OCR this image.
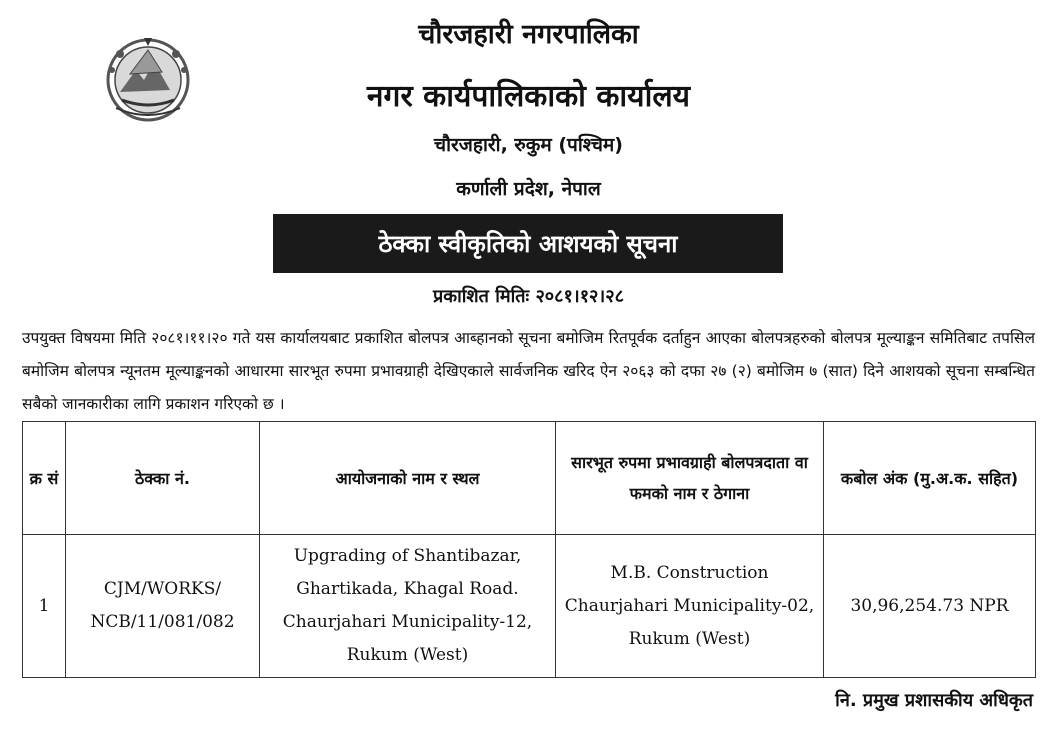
चौरजहारी नगरपालिका
नगर कार्यपालिकाको कार्यालय
चौरजहारी, रुकुम (पश्चिम)
कर्णाली प्रदेश, नेपाल
ठेक्का स्वीकृतिको आशयको सूचना
प्रकाशित मितिः २०८१।१२।२८
उपयुक्त विषयमा मिति २०८१।११।२० गते यस कार्यालयबाट प्रकाशित बोलपत्र आब्हानको सूचना बमोजिम रितपूर्वक दर्ताहुन आएका बोलपत्रहरुको बोलपत्र मूल्याङ्कन समितिबाट तपसिल बमोजिम बोलपत्र न्यूनतम मूल्याङ्कनको आधारमा सारभूत रुपमा प्रभावग्राही देखिएकाले सार्वजनिक खरिद ऐन २०६३ को दफा २७ (२) बमोजिम ७ (सात) दिने आशयको सूचना सम्बन्धित सबैको जानकारीका लागि प्रकाशन गरिएको छ ।
क्र सं	ठेक्का नं.	आयोजनाको नाम र स्थल	सारभूत रुपमा प्रभावग्राही बोलपत्रदाता वा फमको नाम र ठेगाना	कबोल अंक (मु.अ.क. सहित)
1	CJM/WORKS/ NCB/11/081/082	Upgrading of Shantibazar, Ghartikada, Khagal Road. Chaurjahari Municipality-12, Rukum (West)	M.B. Construction Chaurjahari Municipality-02, Rukum (West)	30,96,254.73 NPR
नि. प्रमुख प्रशासकीय अधिकृत
